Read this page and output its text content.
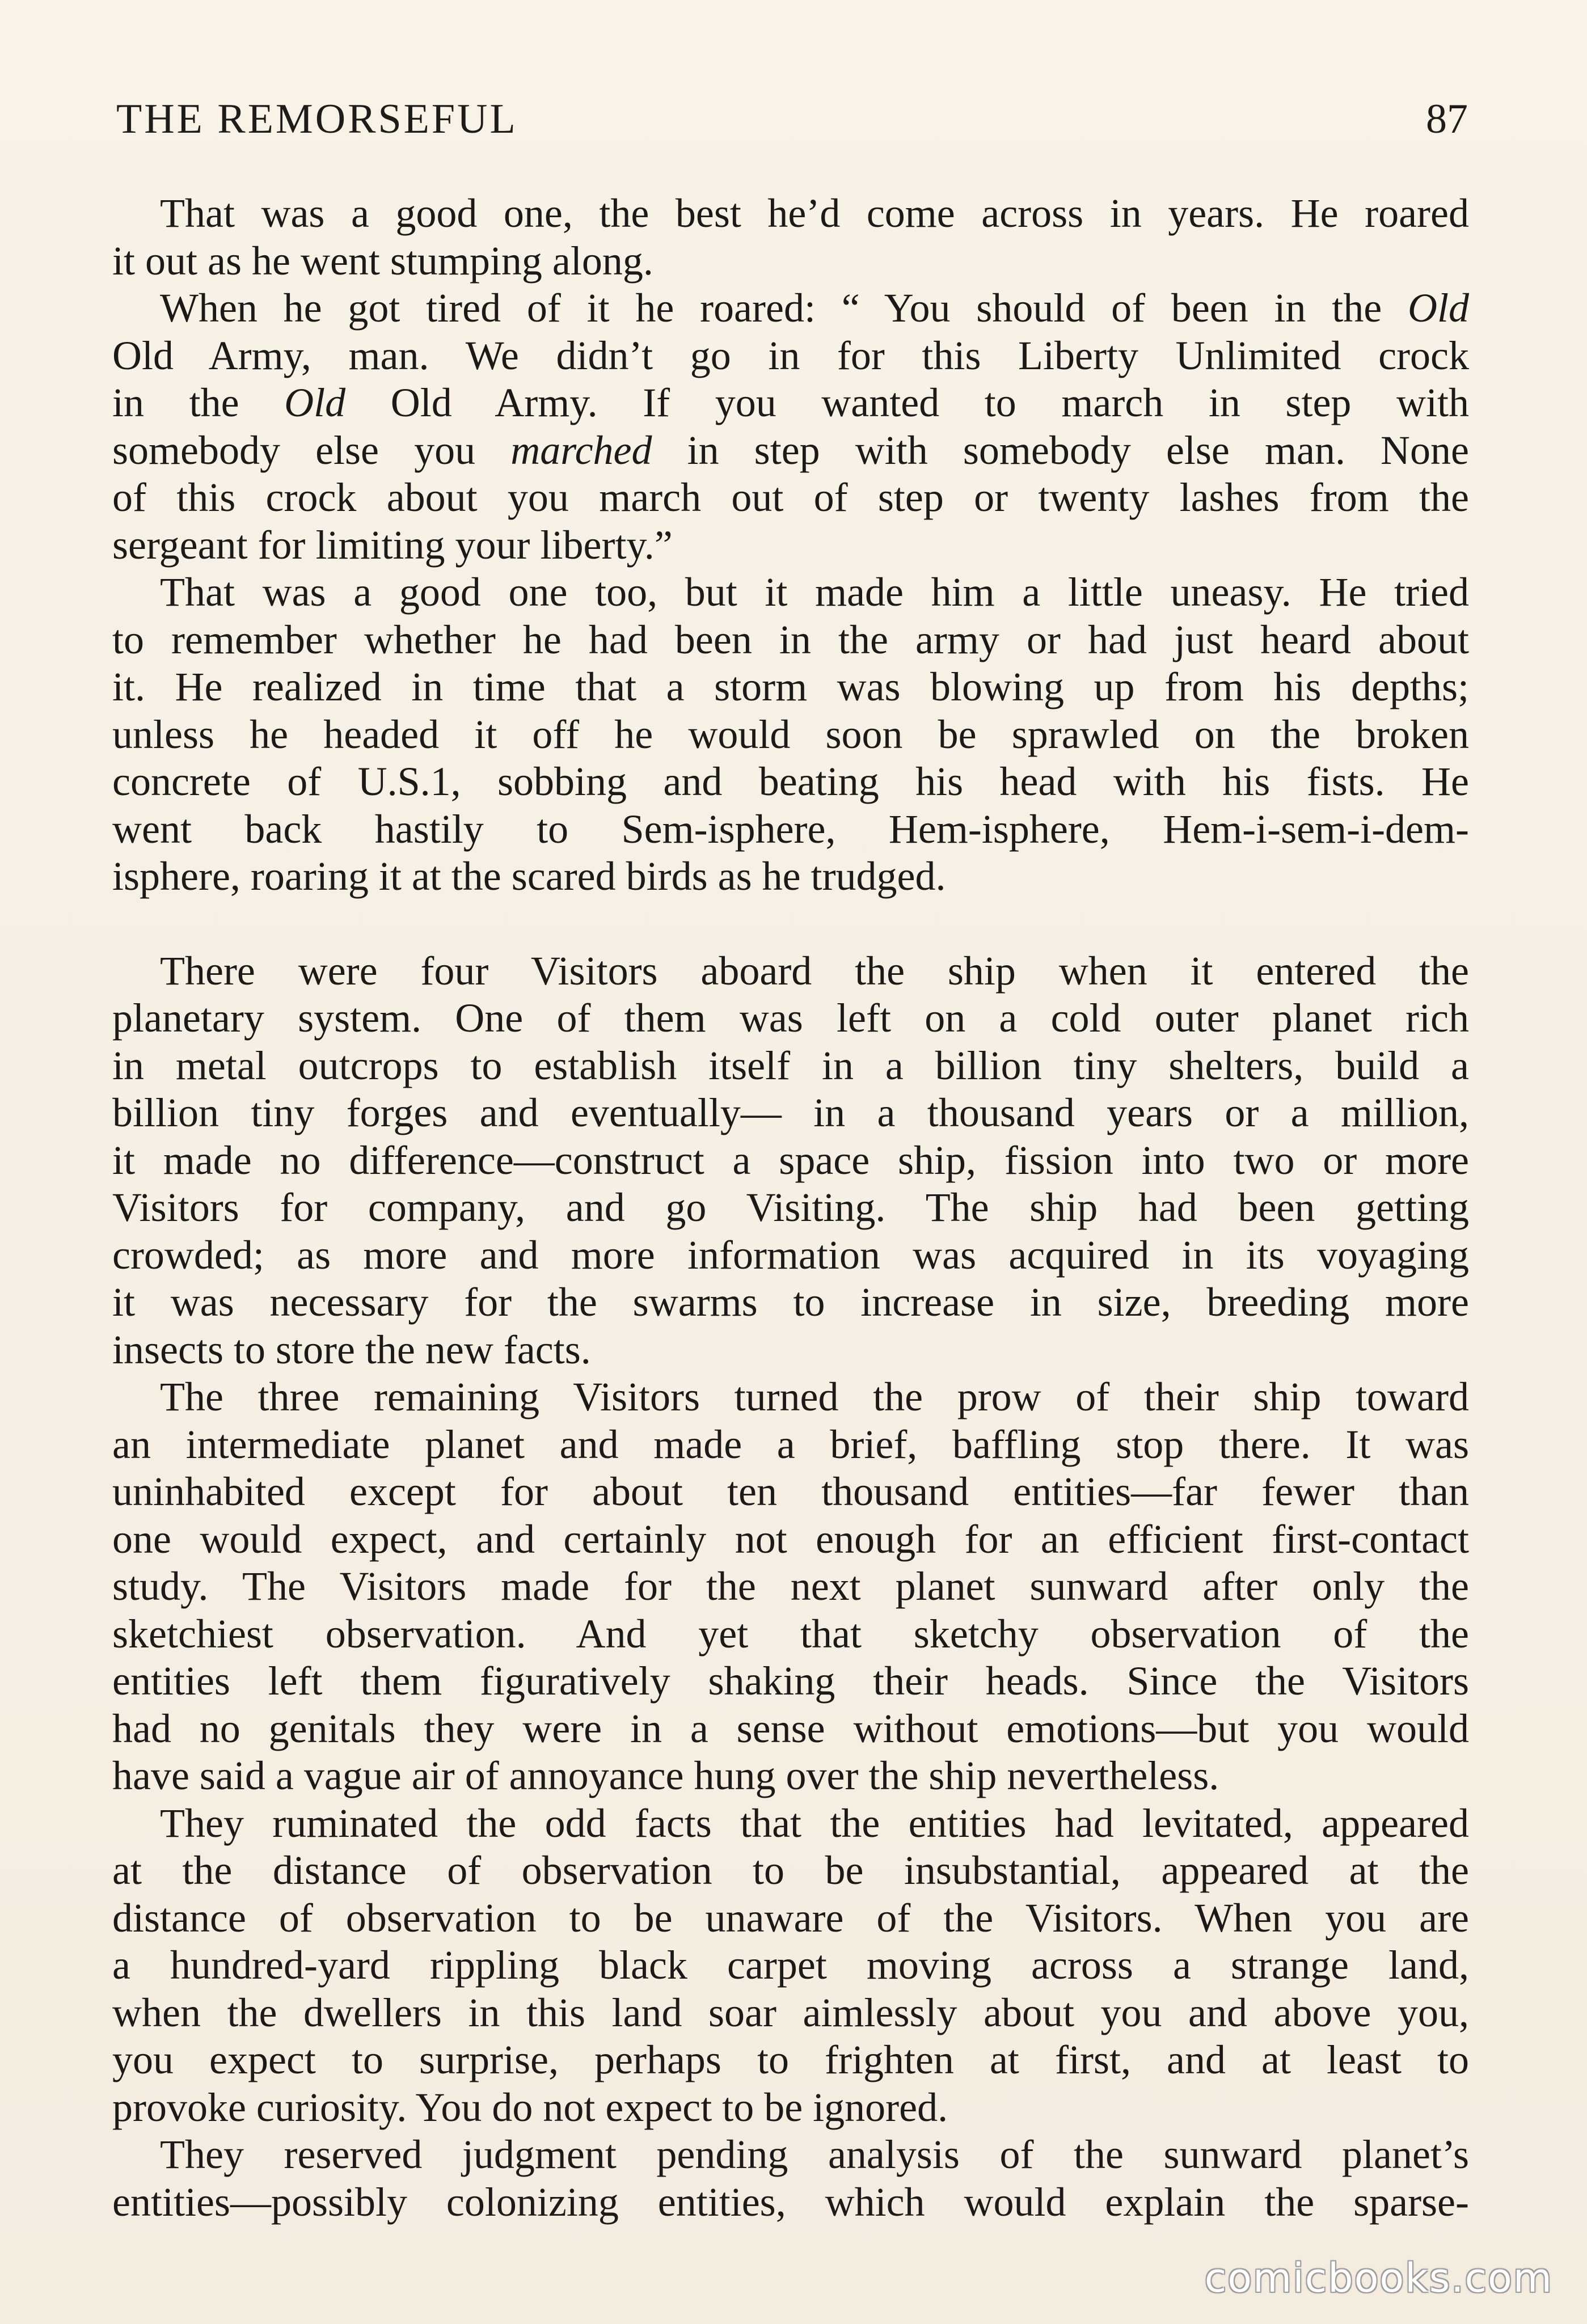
THE REMORSEFUL	87

That was a good one, the best he’d come across in years. He roared
it out as he went stumping along.

When he got tired of it he roared: “ You should of been in the Old
Old Army, man. We didn’t go in for this Liberty Unlimited crock
in the Old Old Army. If you wanted to march in step with
somebody else you marched in step with somebody else man. None
of this crock about you march out of step or twenty lashes from the
sergeant for limiting your liberty.”

That was a good one too, but it made him a little uneasy. He tried
to remember whether he had been in the army or had just heard about
it. He realized in time that a storm was blowing up from his depths;
unless he headed it off he would soon be sprawled on the broken
concrete of U.S.1, sobbing and beating his head with his fists. He
went back hastily to Sem-isphere, Hem-isphere, Hem-i-sem-i-dem-
isphere, roaring it at the scared birds as he trudged.

There were four Visitors aboard the ship when it entered the
planetary system. One of them was left on a cold outer planet rich
in metal outcrops to establish itself in a billion tiny shelters, build a
billion tiny forges and eventually— in a thousand years or a million,
it made no difference—construct a space ship, fission into two or more
Visitors for company, and go Visiting. The ship had been getting
crowded; as more and more information was acquired in its voyaging
it was necessary for the swarms to increase in size, breeding more
insects to store the new facts.

The three remaining Visitors turned the prow of their ship toward
an intermediate planet and made a brief, baffling stop there. It was
uninhabited except for about ten thousand entities—far fewer than
one would expect, and certainly not enough for an efficient first-contact
study. The Visitors made for the next planet sunward after only the
sketchiest observation. And yet that sketchy observation of the
entities left them figuratively shaking their heads. Since the Visitors
had no genitals they were in a sense without emotions—but you would
have said a vague air of annoyance hung over the ship nevertheless.

They ruminated the odd facts that the entities had levitated, appeared
at the distance of observation to be insubstantial, appeared at the
distance of observation to be unaware of the Visitors. When you are
a hundred-yard rippling black carpet moving across a strange land,
when the dwellers in this land soar aimlessly about you and above you,
you expect to surprise, perhaps to frighten at first, and at least to
provoke curiosity. You do not expect to be ignored.

They reserved judgment pending analysis of the sunward planet’s
entities—possibly colonizing entities, which would explain the sparse-

comicbooks.com
